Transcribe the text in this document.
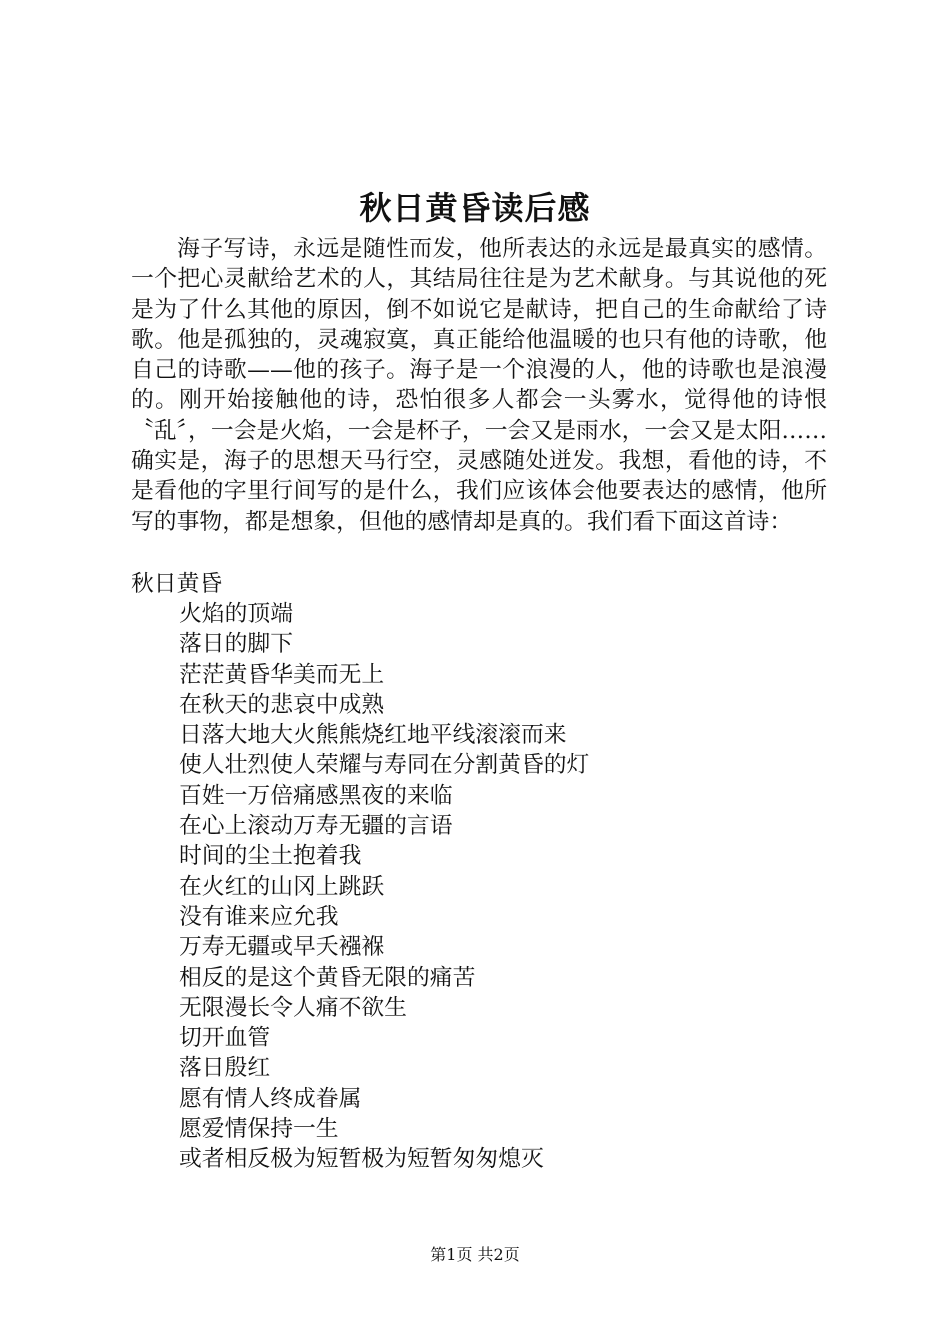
秋日黄昏读后感

海子写诗，永远是随性而发，他所表达的永远是最真实的感情。一个把心灵献给艺术的人，其结局往往是为艺术献身。与其说他的死是为了什么其他的原因，倒不如说它是献诗，把自己的生命献给了诗歌。他是孤独的，灵魂寂寞，真正能给他温暖的也只有他的诗歌，他自己的诗歌——他的孩子。海子是一个浪漫的人，他的诗歌也是浪漫的。刚开始接触他的诗，恐怕很多人都会一头雾水，觉得他的诗恨〝乱〞，一会是火焰，一会是杯子，一会又是雨水，一会又是太阳……确实是，海子的思想天马行空，灵感随处迸发。我想，看他的诗，不是看他的字里行间写的是什么，我们应该体会他要表达的感情，他所写的事物，都是想象，但他的感情却是真的。我们看下面这首诗：

秋日黄昏
火焰的顶端
落日的脚下
茫茫黄昏华美而无上
在秋天的悲哀中成熟
日落大地大火熊熊烧红地平线滚滚而来
使人壮烈使人荣耀与寿同在分割黄昏的灯
百姓一万倍痛感黑夜的来临
在心上滚动万寿无疆的言语
时间的尘土抱着我
在火红的山冈上跳跃
没有谁来应允我
万寿无疆或早夭襁褓
相反的是这个黄昏无限的痛苦
无限漫长令人痛不欲生
切开血管
落日殷红
愿有情人终成眷属
愿爱情保持一生
或者相反极为短暂极为短暂匆匆熄灭
第1页 共2页
